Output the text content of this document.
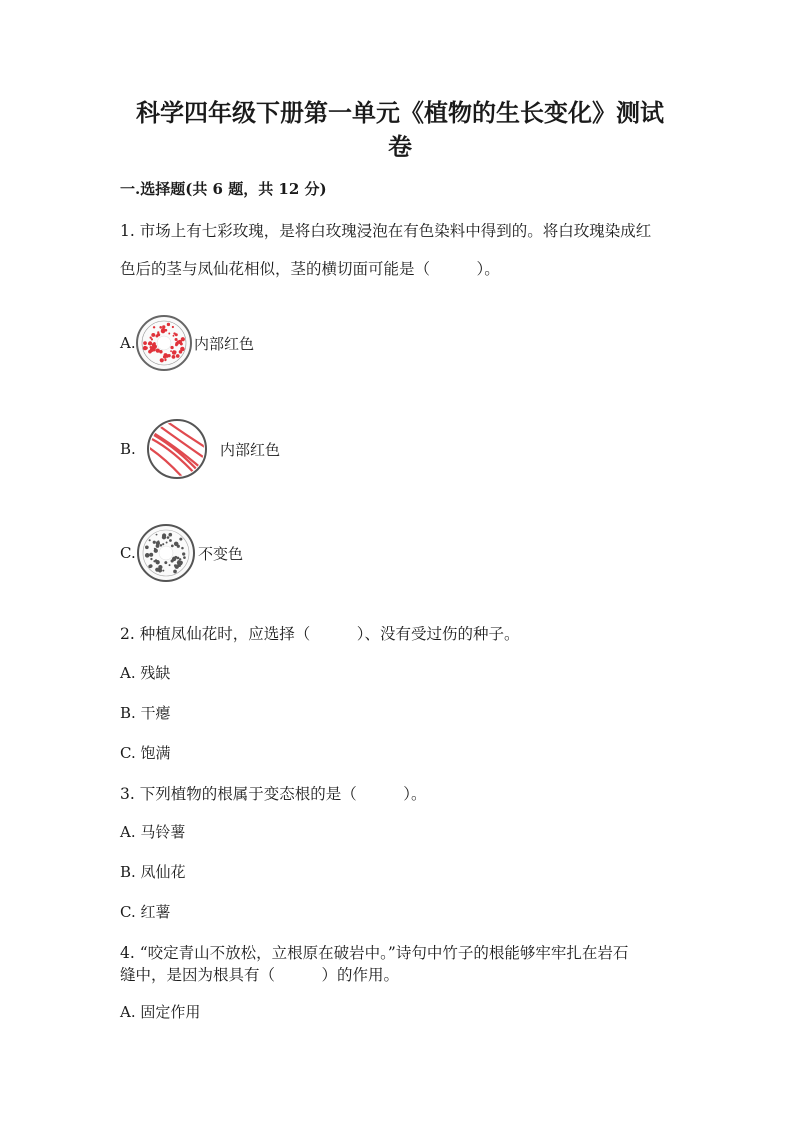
科学四年级下册第一单元《植物的生长变化》测试
卷
一.选择题(共 6 题，共 12 分)
1. 市场上有七彩玫瑰，是将白玫瑰浸泡在有色染料中得到的。将白玫瑰染成红
色后的茎与凤仙花相似，茎的横切面可能是（　　　）。
A.	内部红色
B.	内部红色
C.	不变色
2. 种植凤仙花时，应选择（　　　）、没有受过伤的种子。
A. 残缺
B. 干瘪
C. 饱满
3. 下列植物的根属于变态根的是（　　　）。
A. 马铃薯
B. 凤仙花
C. 红薯
4. “咬定青山不放松，立根原在破岩中。”诗句中竹子的根能够牢牢扎在岩石
缝中，是因为根具有（　　　）的作用。
A. 固定作用
